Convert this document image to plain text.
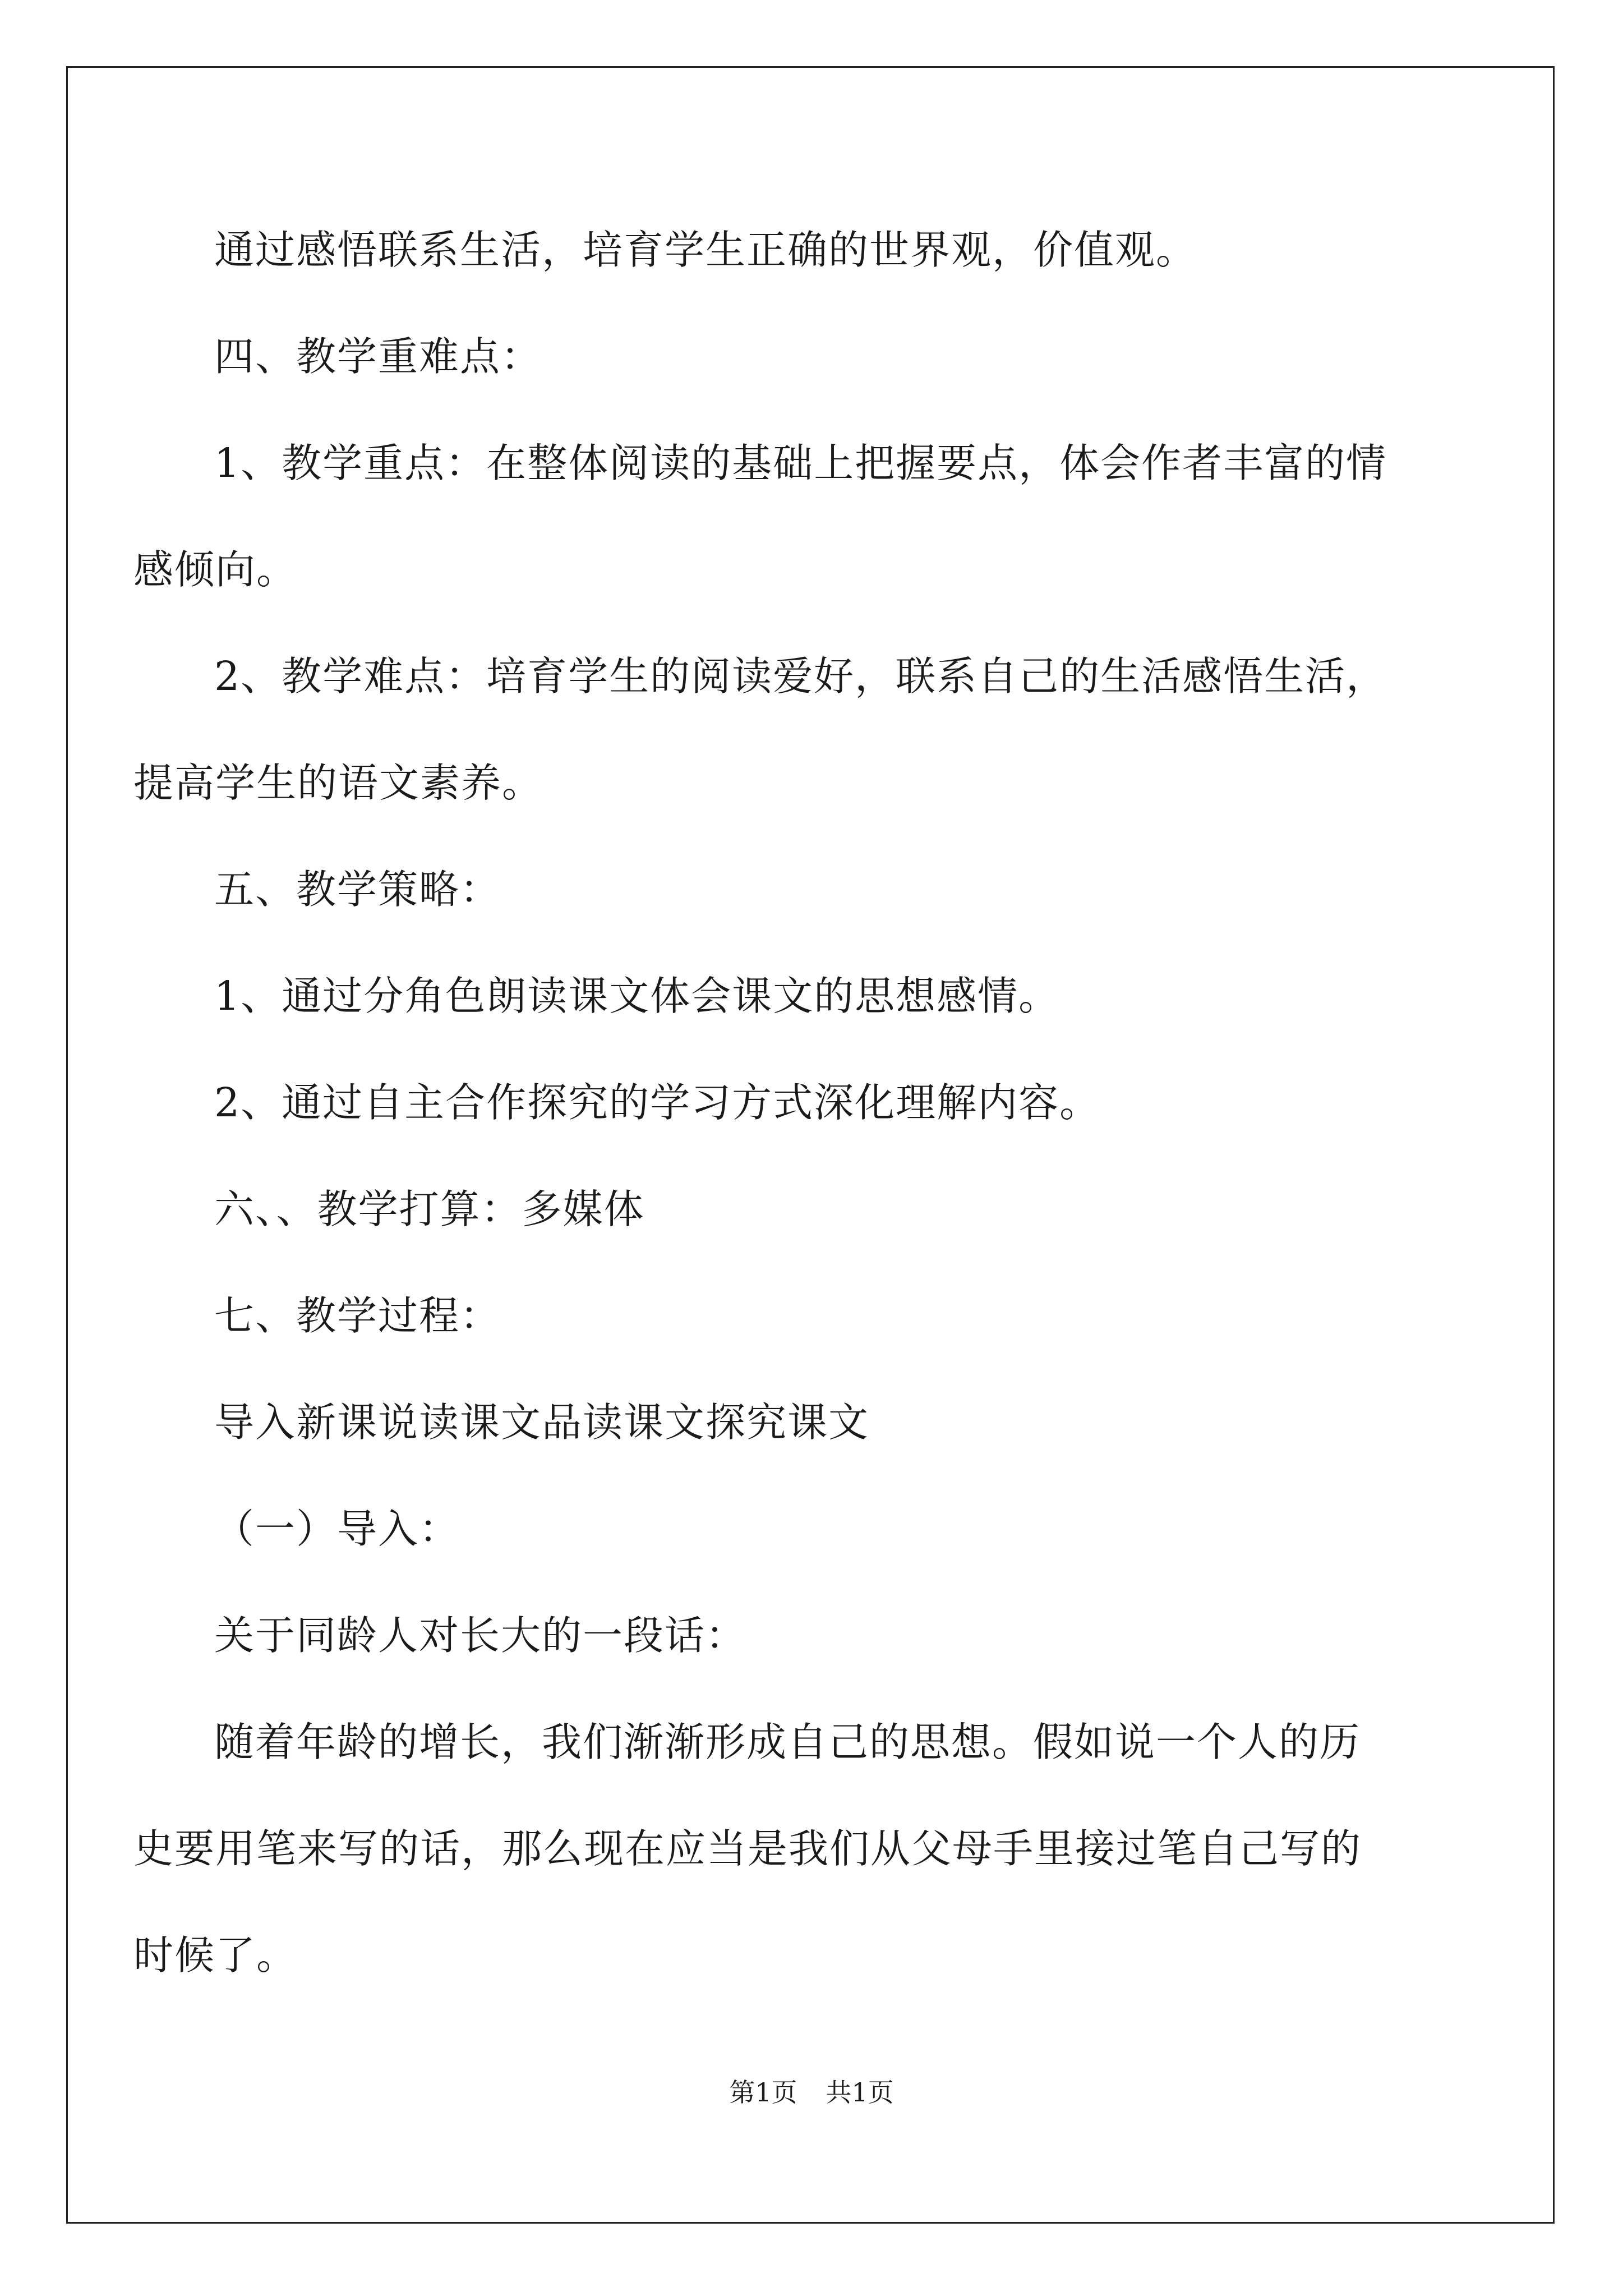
通过感悟联系生活，培育学生正确的世界观，价值观。
四、教学重难点：
1、教学重点：在整体阅读的基础上把握要点，体会作者丰富的情
感倾向。
2、教学难点：培育学生的阅读爱好，联系自己的生活感悟生活，
提高学生的语文素养。
五、教学策略：
1、通过分角色朗读课文体会课文的思想感情。
2、通过自主合作探究的学习方式深化理解内容。
六、、教学打算：多媒体
七、教学过程：
导入新课说读课文品读课文探究课文
（一）导入：
关于同龄人对长大的一段话：
随着年龄的增长，我们渐渐形成自己的思想。假如说一个人的历
史要用笔来写的话，那么现在应当是我们从父母手里接过笔自己写的
时候了。
第1页 共1页
